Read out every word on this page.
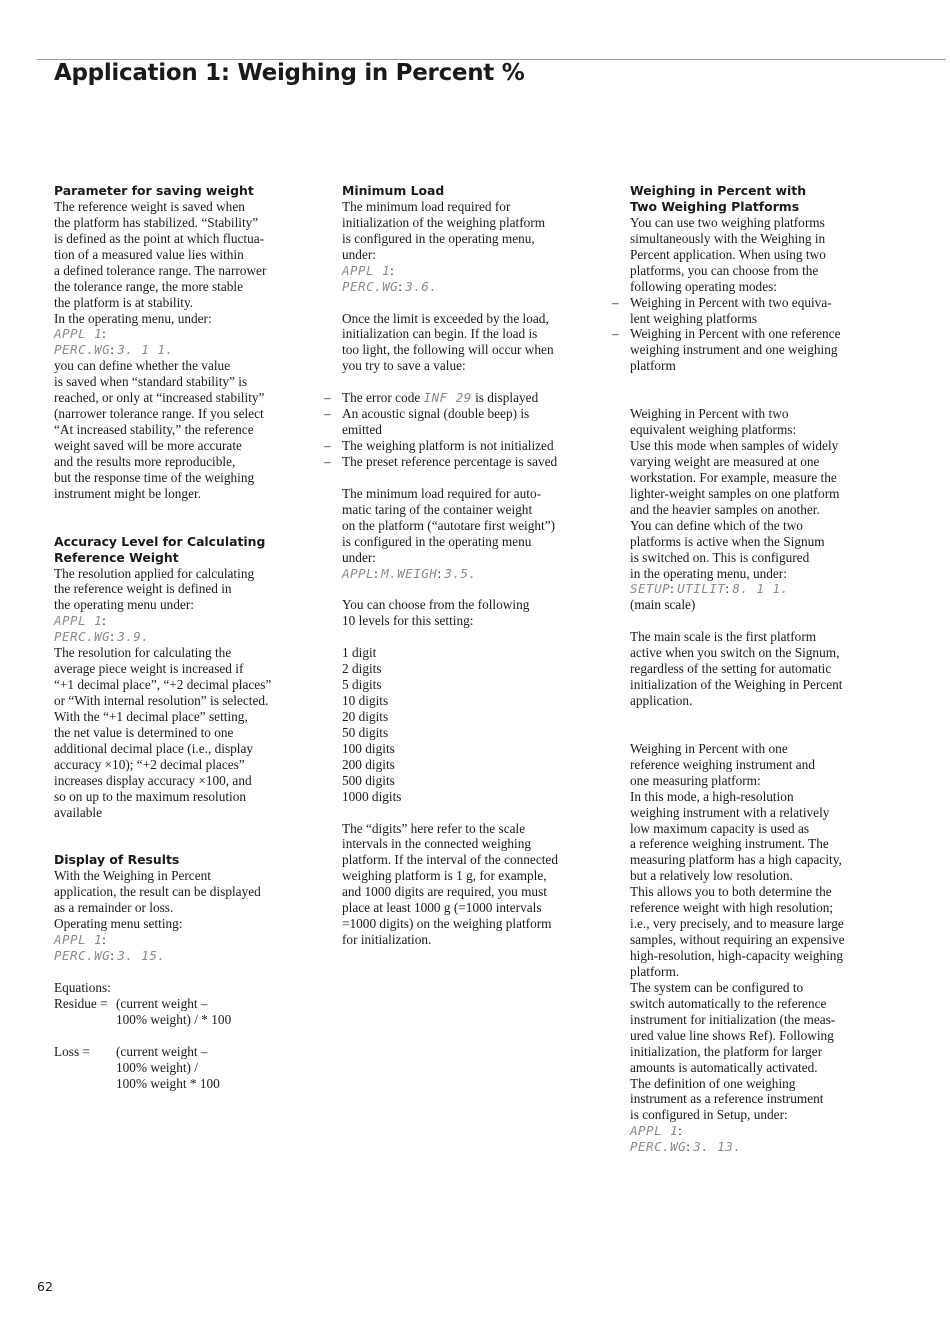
Application 1: Weighing in Percent %
Parameter for saving weight
The reference weight is saved when
the platform has stabilized. “Stability”
is defined as the point at which fluctua-
tion of a measured value lies within
a defined tolerance range. The narrower
the tolerance range, the more stable
the platform is at stability.
In the operating menu, under:
APPL 1:
PERC.WG: 3. 1 1.
you can define whether the value
is saved when “standard stability” is
reached, or only at “increased stability”
(narrower tolerance range. If you select
“At increased stability,” the reference
weight saved will be more accurate
and the results more reproducible,
but the response time of the weighing
instrument might be longer.
Accuracy Level for Calculating
Reference Weight
The resolution applied for calculating
the reference weight is defined in
the operating menu under:
APPL 1:
PERC.WG: 3.9.
The resolution for calculating the
average piece weight is increased if
“+1 decimal place”, “+2 decimal places”
or “With internal resolution” is selected.
With the “+1 decimal place” setting,
the net value is determined to one
additional decimal place (i.e., display
accuracy ×10); “+2 decimal places”
increases display accuracy ×100, and
so on up to the maximum resolution
available
Display of Results
With the Weighing in Percent
application, the result can be displayed
as a remainder or loss.
Operating menu setting:
APPL 1:
PERC.WG: 3. 15.
Equations:
Residue = (current weight –
100% weight) / * 100
Loss = (current weight –
100% weight) /
100% weight * 100
Minimum Load
The minimum load required for
initialization of the weighing platform
is configured in the operating menu,
under:
APPL 1:
PERC.WG: 3.6.
Once the limit is exceeded by the load,
initialization can begin. If the load is
too light, the following will occur when
you try to save a value:
– The error code INF 29 is displayed
– An acoustic signal (double beep) is
emitted
– The weighing platform is not initialized
– The preset reference percentage is saved
The minimum load required for auto-
matic taring of the container weight
on the platform (“autotare first weight”)
is configured in the operating menu
under:
APPL: M.WEIGH: 3.5.
You can choose from the following
10 levels for this setting:
1 digit
2 digits
5 digits
10 digits
20 digits
50 digits
100 digits
200 digits
500 digits
1000 digits
The “digits” here refer to the scale
intervals in the connected weighing
platform. If the interval of the connected
weighing platform is 1 g, for example,
and 1000 digits are required, you must
place at least 1000 g (=1000 intervals
=1000 digits) on the weighing platform
for initialization.
Weighing in Percent with
Two Weighing Platforms
You can use two weighing platforms
simultaneously with the Weighing in
Percent application. When using two
platforms, you can choose from the
following operating modes:
– Weighing in Percent with two equiva-
lent weighing platforms
– Weighing in Percent with one reference
weighing instrument and one weighing
platform
Weighing in Percent with two
equivalent weighing platforms:
Use this mode when samples of widely
varying weight are measured at one
workstation. For example, measure the
lighter-weight samples on one platform
and the heavier samples on another.
You can define which of the two
platforms is active when the Signum
is switched on. This is configured
in the operating menu, under:
SETUP: UTILIT: 8. 1 1.
(main scale)
The main scale is the first platform
active when you switch on the Signum,
regardless of the setting for automatic
initialization of the Weighing in Percent
application.
Weighing in Percent with one
reference weighing instrument and
one measuring platform:
In this mode, a high-resolution
weighing instrument with a relatively
low maximum capacity is used as
a reference weighing instrument. The
measuring platform has a high capacity,
but a relatively low resolution.
This allows you to both determine the
reference weight with high resolution;
i.e., very precisely, and to measure large
samples, without requiring an expensive
high-resolution, high-capacity weighing
platform.
The system can be configured to
switch automatically to the reference
instrument for initialization (the meas-
ured value line shows Ref). Following
initialization, the platform for larger
amounts is automatically activated.
The definition of one weighing
instrument as a reference instrument
is configured in Setup, under:
APPL 1:
PERC.WG: 3. 13.
62
